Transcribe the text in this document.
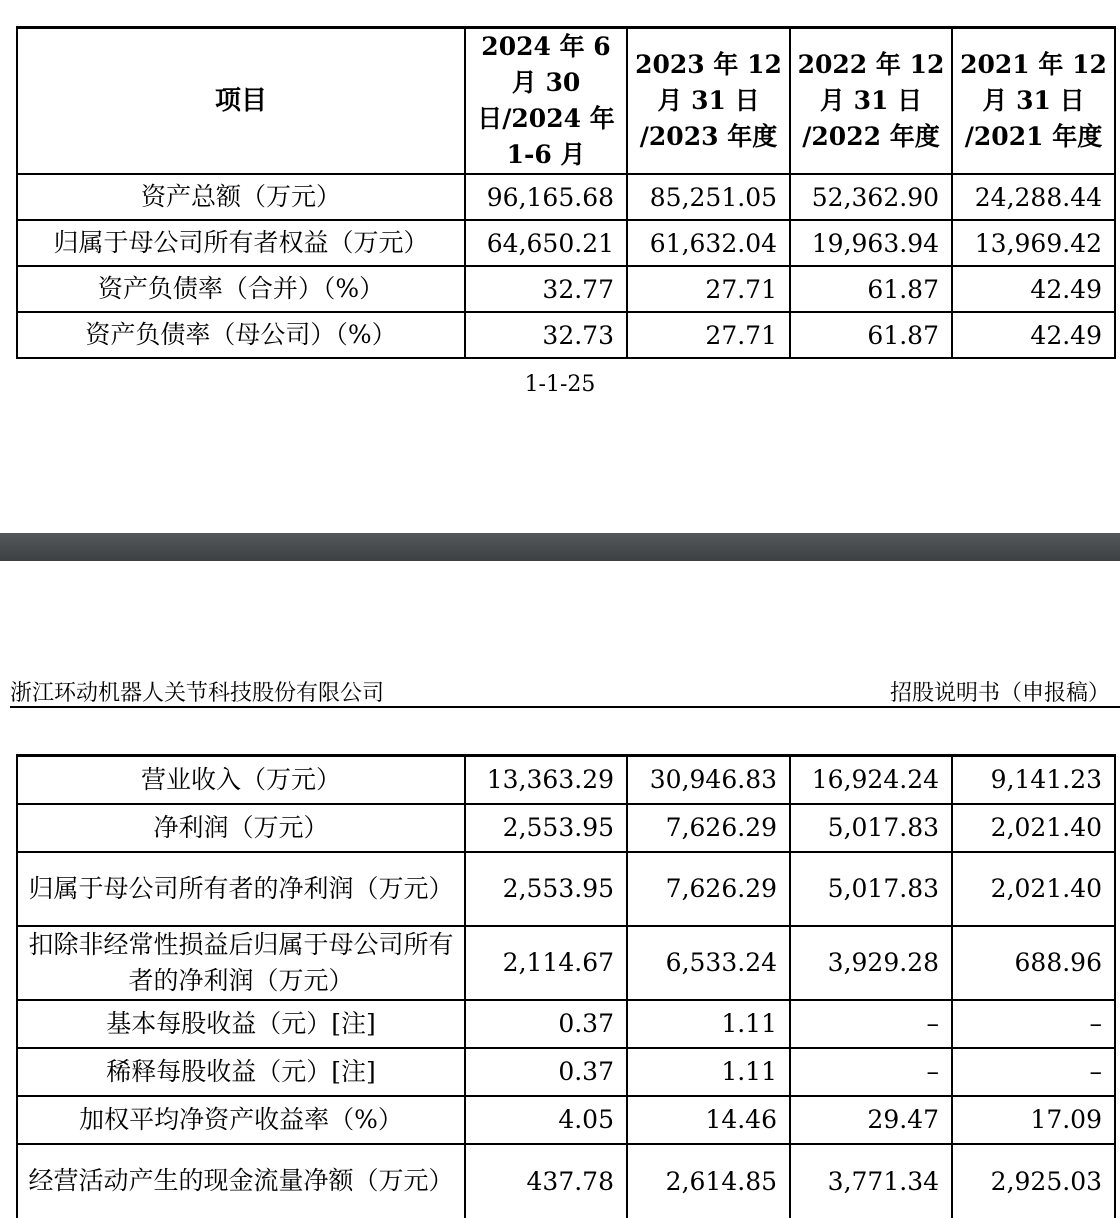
项目	2024 年 6 月 30 日/2024 年 1-6 月	2023 年 12 月 31 日 /2023 年度	2022 年 12 月 31 日 /2022 年度	2021 年 12 月 31 日 /2021 年度
资产总额（万元）	96,165.68	85,251.05	52,362.90	24,288.44
归属于母公司所有者权益（万元）	64,650.21	61,632.04	19,963.94	13,969.42
资产负债率（合并）（%）	32.77	27.71	61.87	42.49
资产负债率（母公司）（%）	32.73	27.71	61.87	42.49
1-1-25
浙江环动机器人关节科技股份有限公司	招股说明书（申报稿）
营业收入（万元）	13,363.29	30,946.83	16,924.24	9,141.23
净利润（万元）	2,553.95	7,626.29	5,017.83	2,021.40
归属于母公司所有者的净利润（万元）	2,553.95	7,626.29	5,017.83	2,021.40
扣除非经常性损益后归属于母公司所有者的净利润（万元）	2,114.67	6,533.24	3,929.28	688.96
基本每股收益（元）[注]	0.37	1.11	–	–
稀释每股收益（元）[注]	0.37	1.11	–	–
加权平均净资产收益率（%）	4.05	14.46	29.47	17.09
经营活动产生的现金流量净额（万元）	437.78	2,614.85	3,771.34	2,925.03
